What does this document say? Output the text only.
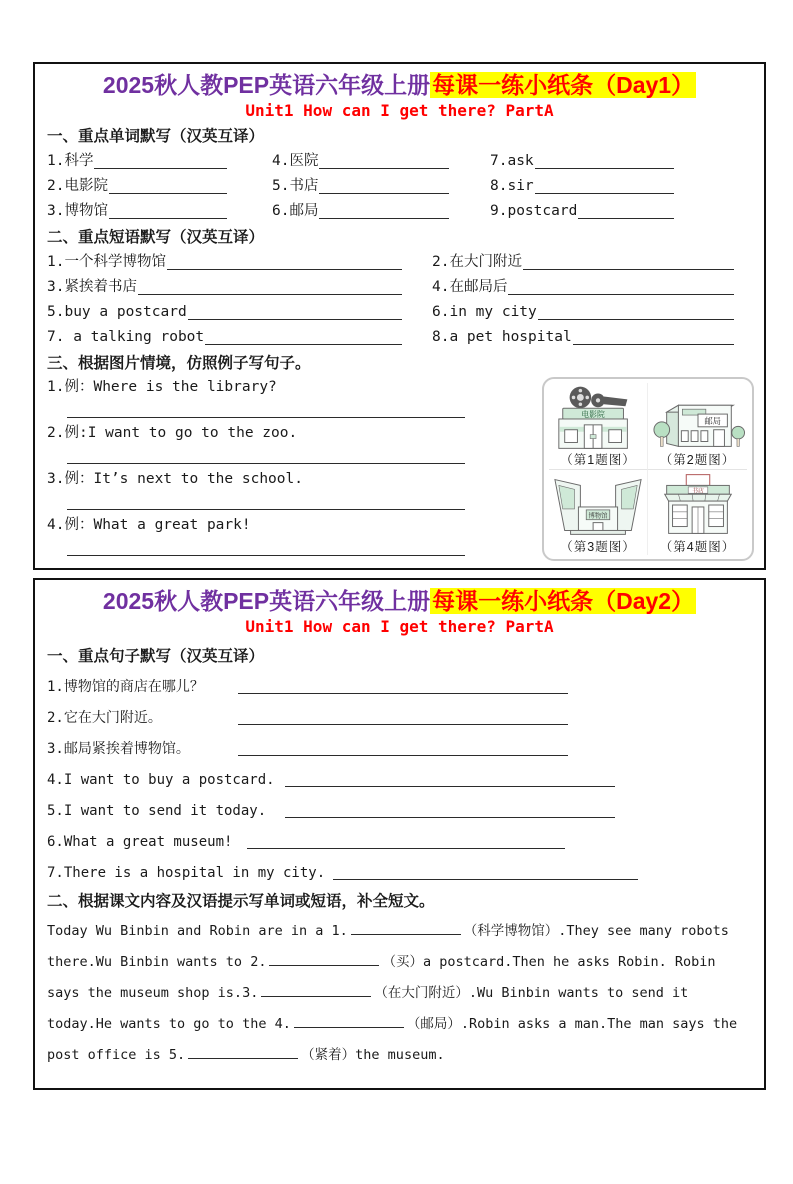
2025秋人教PEP英语六年级上册每课一练小纸条（Day1）
Unit1 How can I get there? PartA
一、重点单词默写（汉英互译）
1.科学	4.医院	7.ask
2.电影院	5.书店	8.sir
3.博物馆	6.邮局	9.postcard
二、重点短语默写（汉英互译）
1.一个科学博物馆	2.在大门附近
3.紧挨着书店	4.在邮局后
5.buy a postcard	6.in my city
7. a talking robot	8.a pet hospital
三、根据图片情境，仿照例子写句子。
1.例：Where is the library?
2.例:I want to go to the zoo.
3.例：It’s next to the school.
4.例：What a great park!
电影院
（第1题图）
邮局
（第2题图）
博物馆
（第3题图）
书店
（第4题图）
2025秋人教PEP英语六年级上册每课一练小纸条（Day2）
Unit1 How can I get there? PartA
一、重点句子默写（汉英互译）
1.博物馆的商店在哪儿？
2.它在大门附近。
3.邮局紧挨着博物馆。
4.I want to buy a postcard.
5.I want to send it today.
6.What a great museum!
7.There is a hospital in my city.
二、根据课文内容及汉语提示写单词或短语，补全短文。
Today Wu Binbin and Robin are in a 1.	（科学博物馆）.They see many robots
there.Wu Binbin wants to 2.	（买）a postcard.Then he asks Robin. Robin
says the museum shop is.3.	（在大门附近）.Wu Binbin wants to send it
today.He wants to go to the 4.	（邮局）.Robin asks a man.The man says the
post office is 5.	（紧着）the museum.
